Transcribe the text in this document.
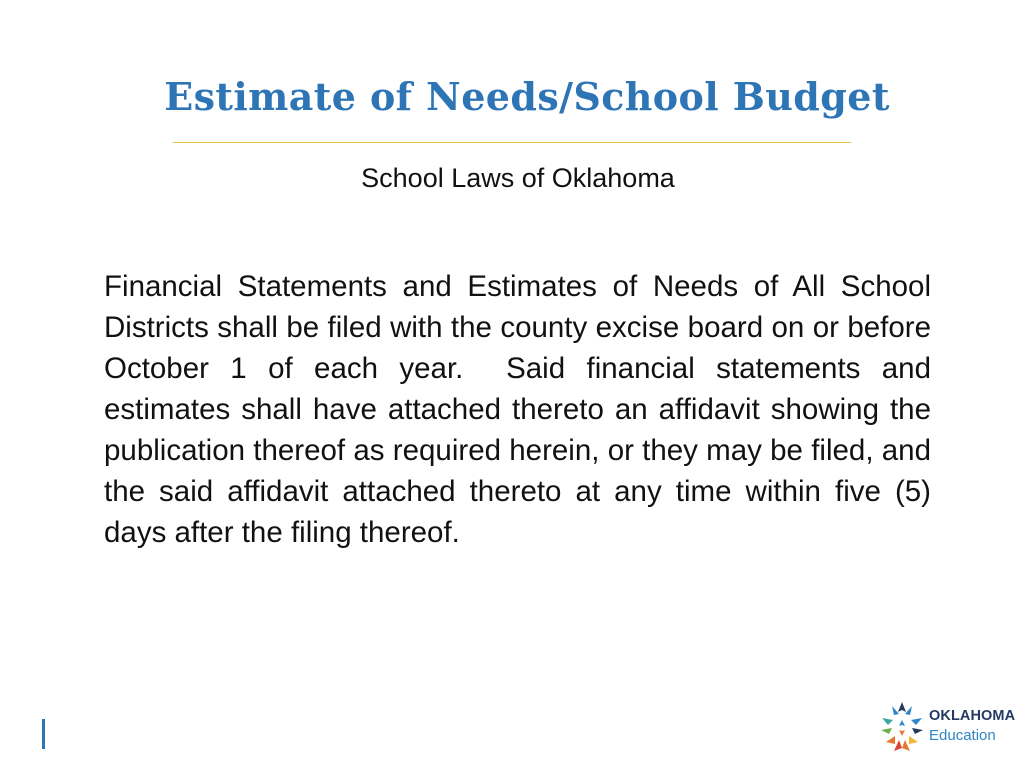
Estimate of Needs/School Budget

School Laws of Oklahoma

Financial Statements and Estimates of Needs of All School Districts shall be filed with the county excise board on or before October 1 of each year.  Said financial statements and estimates shall have attached thereto an affidavit showing the publication thereof as required herein, or they may be filed, and the said affidavit attached thereto at any time within five (5) days after the filing thereof.

OKLAHOMA
Education
